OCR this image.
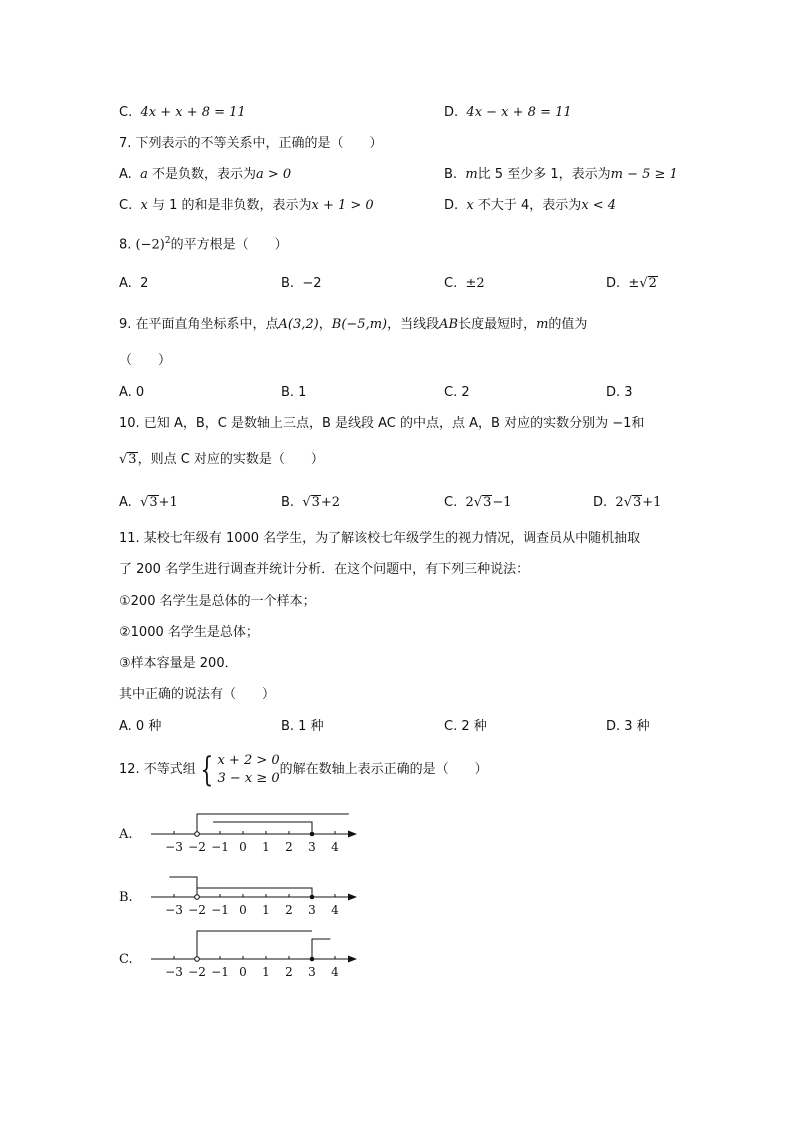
C. 4x + x + 8 = 11	D. 4x − x + 8 = 11
7. 下列表示的不等关系中，正确的是（　　）
A. a 不是负数，表示为a > 0	B. m比 5 至少多 1，表示为m − 5 ≥ 1
C. x 与 1 的和是非负数，表示为x + 1 > 0	D. x 不大于 4，表示为x < 4
8. $(-2)^2$的平方根是（　　）
A. 2	B. −2	C. ±2	D. ±√2
9. 在平面直角坐标系中，点A(3,2)，B(−5,m)，当线段AB长度最短时，m的值为
（　　）
A. 0	B. 1	C. 2	D. 3
10. 已知 A，B，C 是数轴上三点，B 是线段 AC 的中点，点 A，B 对应的实数分别为 −1和
√3，则点 C 对应的实数是（　　）
A. √3+1	B. √3+2	C. 2√3−1	D. 2√3+1
11. 某校七年级有 1000 名学生，为了解该校七年级学生的视力情况，调查员从中随机抽取
了 200 名学生进行调查并统计分析．在这个问题中，有下列三种说法：
①200 名学生是总体的一个样本；
②1000 名学生是总体；
③样本容量是 200．
其中正确的说法有（　　）
A. 0 种	B. 1 种	C. 2 种	D. 3 种
12. 不等式组 { x + 2 > 0
3 − x ≥ 0
的解在数轴上表示正确的是（　　）
A.
−3 −2 −1 0 1 2 3 4
B.
−3 −2 −1 0 1 2 3 4
C.
−3 −2 −1 0 1 2 3 4
